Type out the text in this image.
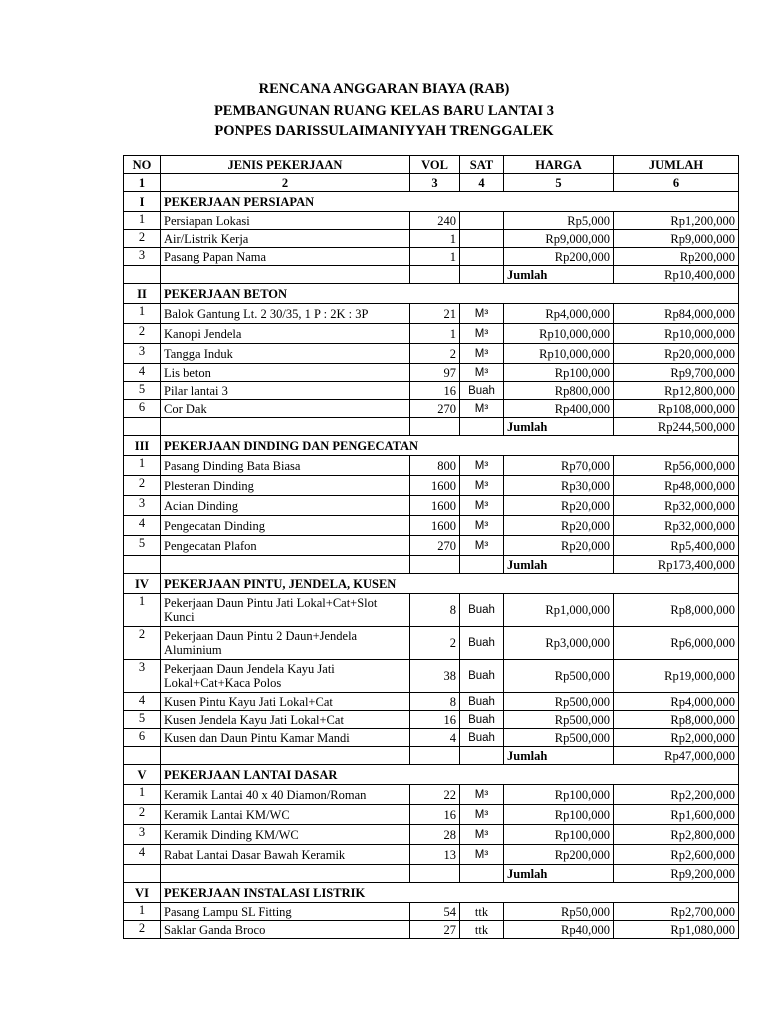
RENCANA ANGGARAN BIAYA (RAB)
PEMBANGUNAN RUANG KELAS BARU LANTAI 3
PONPES DARISSULAIMANIYYAH TRENGGALEK
NO	JENIS PEKERJAAN	VOL	SAT	HARGA	JUMLAH
1	2	3	4	5	6
I	PEKERJAAN PERSIAPAN				
1	Persiapan Lokasi	240		Rp5,000	Rp1,200,000
2	Air/Listrik Kerja	1		Rp9,000,000	Rp9,000,000
3	Pasang Papan Nama	1		Rp200,000	Rp200,000
				Jumlah	Rp10,400,000
II	PEKERJAAN BETON				
1	Balok Gantung Lt. 2 30/35, 1 P : 2K : 3P	21	M³	Rp4,000,000	Rp84,000,000
2	Kanopi Jendela	1	M³	Rp10,000,000	Rp10,000,000
3	Tangga Induk	2	M³	Rp10,000,000	Rp20,000,000
4	Lis beton	97	M³	Rp100,000	Rp9,700,000
5	Pilar lantai 3	16	Buah	Rp800,000	Rp12,800,000
6	Cor Dak	270	M³	Rp400,000	Rp108,000,000
				Jumlah	Rp244,500,000
III	PEKERJAAN DINDING DAN PENGECATAN				
1	Pasang Dinding Bata Biasa	800	M³	Rp70,000	Rp56,000,000
2	Plesteran Dinding	1600	M³	Rp30,000	Rp48,000,000
3	Acian Dinding	1600	M³	Rp20,000	Rp32,000,000
4	Pengecatan Dinding	1600	M³	Rp20,000	Rp32,000,000
5	Pengecatan Plafon	270	M³	Rp20,000	Rp5,400,000
				Jumlah	Rp173,400,000
IV	PEKERJAAN PINTU, JENDELA, KUSEN				
1	Pekerjaan Daun Pintu Jati Lokal+Cat+Slot Kunci	8	Buah	Rp1,000,000	Rp8,000,000
2	Pekerjaan Daun Pintu 2 Daun+Jendela Aluminium	2	Buah	Rp3,000,000	Rp6,000,000
3	Pekerjaan Daun Jendela Kayu Jati Lokal+Cat+Kaca Polos	38	Buah	Rp500,000	Rp19,000,000
4	Kusen Pintu Kayu Jati Lokal+Cat	8	Buah	Rp500,000	Rp4,000,000
5	Kusen Jendela Kayu Jati Lokal+Cat	16	Buah	Rp500,000	Rp8,000,000
6	Kusen dan Daun Pintu Kamar Mandi	4	Buah	Rp500,000	Rp2,000,000
				Jumlah	Rp47,000,000
V	PEKERJAAN LANTAI DASAR				
1	Keramik Lantai 40 x 40 Diamon/Roman	22	M³	Rp100,000	Rp2,200,000
2	Keramik Lantai KM/WC	16	M³	Rp100,000	Rp1,600,000
3	Keramik Dinding KM/WC	28	M³	Rp100,000	Rp2,800,000
4	Rabat Lantai Dasar Bawah Keramik	13	M³	Rp200,000	Rp2,600,000
				Jumlah	Rp9,200,000
VI	PEKERJAAN INSTALASI LISTRIK				
1	Pasang Lampu SL Fitting	54	ttk	Rp50,000	Rp2,700,000
2	Saklar Ganda Broco	27	ttk	Rp40,000	Rp1,080,000
